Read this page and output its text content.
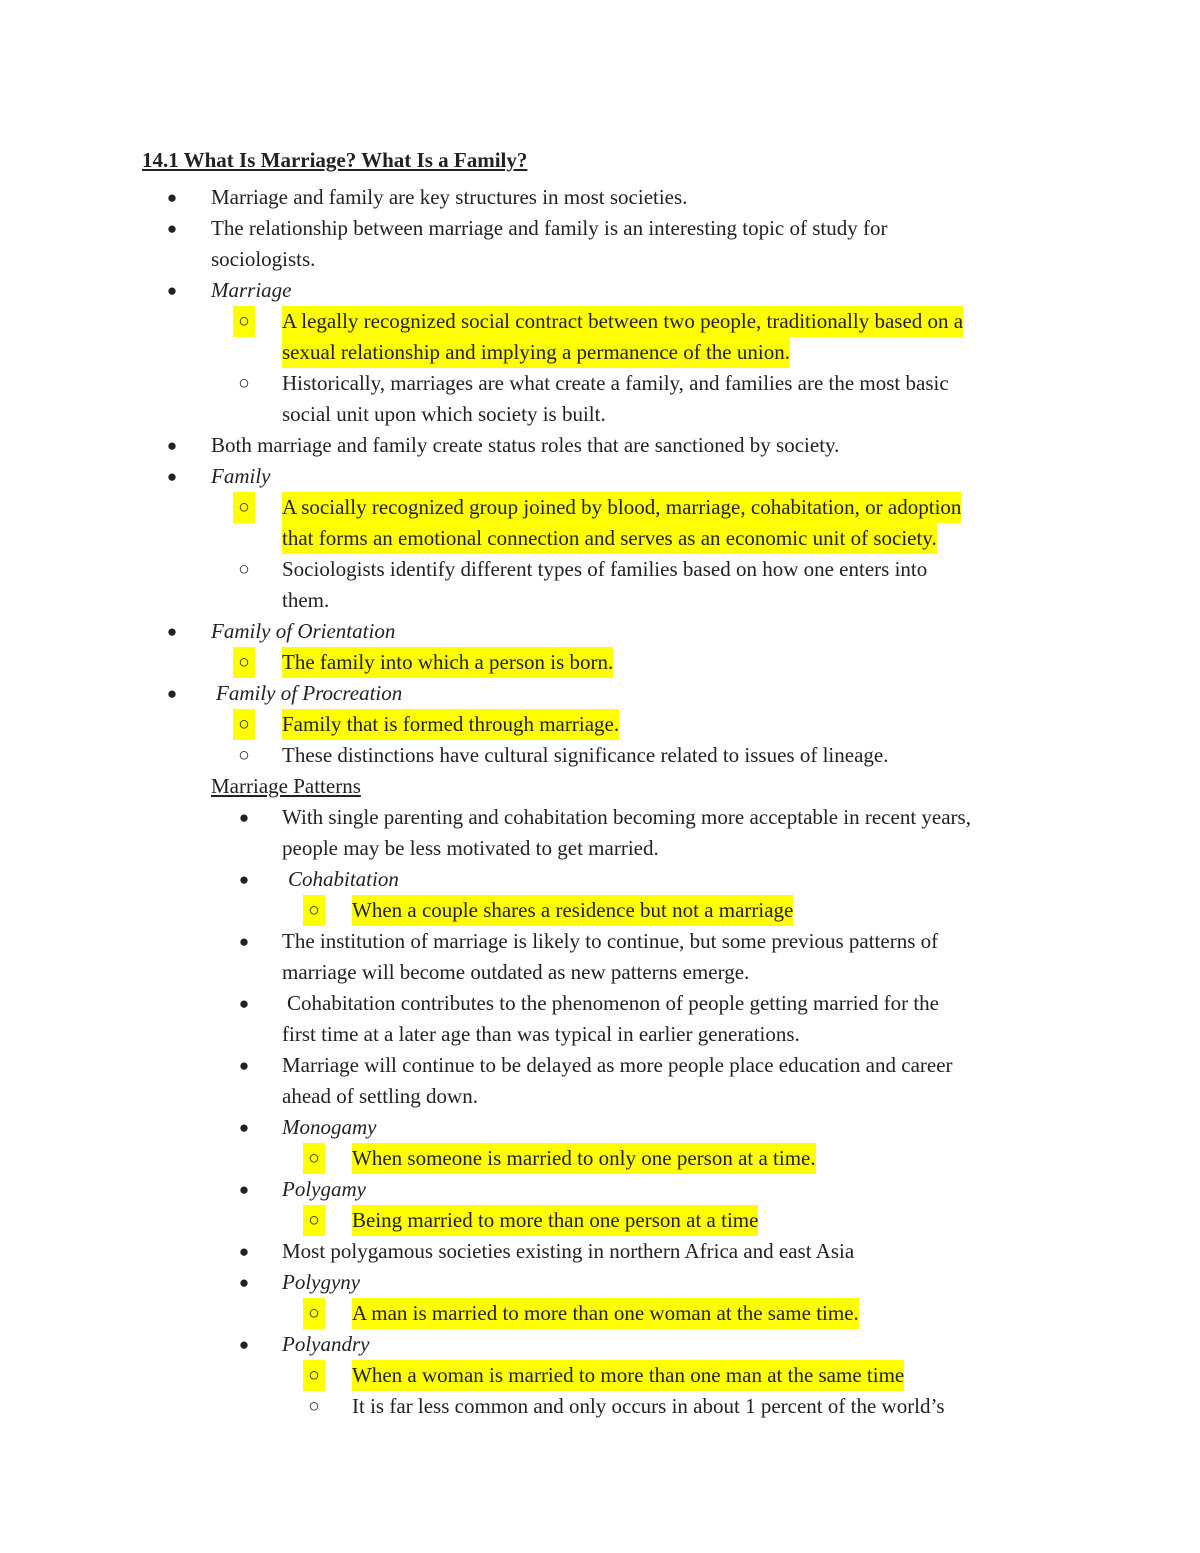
14.1 What Is Marriage? What Is a Family?
● Marriage and family are key structures in most societies.
● The relationship between marriage and family is an interesting topic of study for
sociologists.
● Marriage
○ A legally recognized social contract between two people, traditionally based on a
sexual relationship and implying a permanence of the union.
○ Historically, marriages are what create a family, and families are the most basic
social unit upon which society is built.
● Both marriage and family create status roles that are sanctioned by society.
● Family
○ A socially recognized group joined by blood, marriage, cohabitation, or adoption
that forms an emotional connection and serves as an economic unit of society.
○ Sociologists identify different types of families based on how one enters into
them.
● Family of Orientation
○ The family into which a person is born.
● Family of Procreation
○ Family that is formed through marriage.
○ These distinctions have cultural significance related to issues of lineage.
Marriage Patterns
● With single parenting and cohabitation becoming more acceptable in recent years,
people may be less motivated to get married.
● Cohabitation
○ When a couple shares a residence but not a marriage
● The institution of marriage is likely to continue, but some previous patterns of
marriage will become outdated as new patterns emerge.
● Cohabitation contributes to the phenomenon of people getting married for the
first time at a later age than was typical in earlier generations.
● Marriage will continue to be delayed as more people place education and career
ahead of settling down.
● Monogamy
○ When someone is married to only one person at a time.
● Polygamy
○ Being married to more than one person at a time
● Most polygamous societies existing in northern Africa and east Asia
● Polygyny
○ A man is married to more than one woman at the same time.
● Polyandry
○ When a woman is married to more than one man at the same time
○ It is far less common and only occurs in about 1 percent of the world’s
